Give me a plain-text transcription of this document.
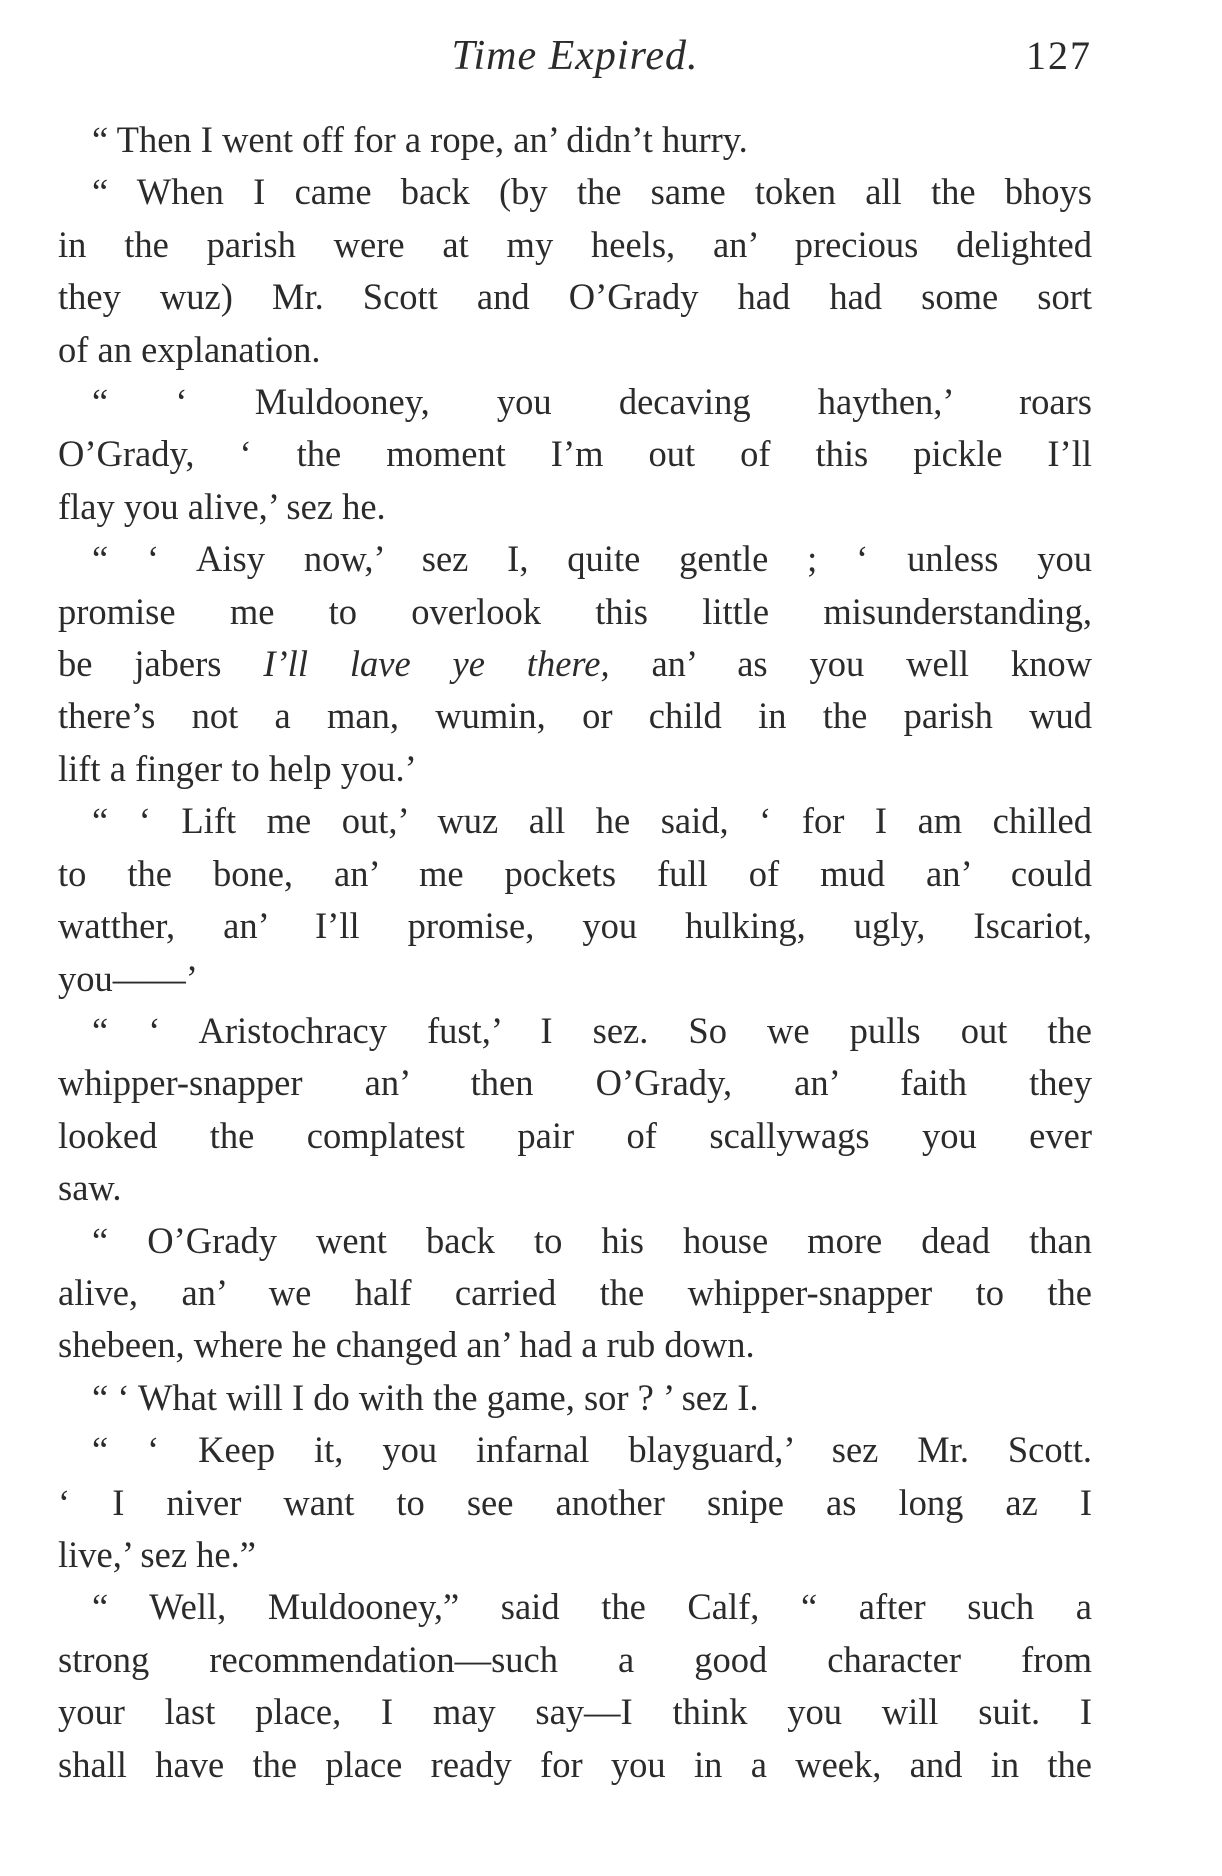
Time Expired.	127
“ Then I went off for a rope, an’ didn’t hurry.
“ When I came back (by the same token all the bhoys
in the parish were at my heels, an’ precious delighted
they wuz) Mr. Scott and O’Grady had had some sort
of an explanation.
“ ‘ Muldooney, you decaving haythen,’ roars
O’Grady, ‘ the moment I’m out of this pickle I’ll
flay you alive,’ sez he.
“ ‘ Aisy now,’ sez I, quite gentle ; ‘ unless you
promise me to overlook this little misunderstanding,
be jabers I’ll lave ye there, an’ as you well know
there’s not a man, wumin, or child in the parish wud
lift a finger to help you.’
“ ‘ Lift me out,’ wuz all he said, ‘ for I am chilled
to the bone, an’ me pockets full of mud an’ could
watther, an’ I’ll promise, you hulking, ugly, Iscariot,
you——’
“ ‘ Aristochracy fust,’ I sez. So we pulls out the
whipper-snapper an’ then O’Grady, an’ faith they
looked the complatest pair of scallywags you ever
saw.
“ O’Grady went back to his house more dead than
alive, an’ we half carried the whipper-snapper to the
shebeen, where he changed an’ had a rub down.
“ ‘ What will I do with the game, sor ? ’ sez I.
“ ‘ Keep it, you infarnal blayguard,’ sez Mr. Scott.
‘ I niver want to see another snipe as long az I
live,’ sez he.”
“ Well, Muldooney,” said the Calf, “ after such a
strong recommendation—such a good character from
your last place, I may say—I think you will suit. I
shall have the place ready for you in a week, and in the
